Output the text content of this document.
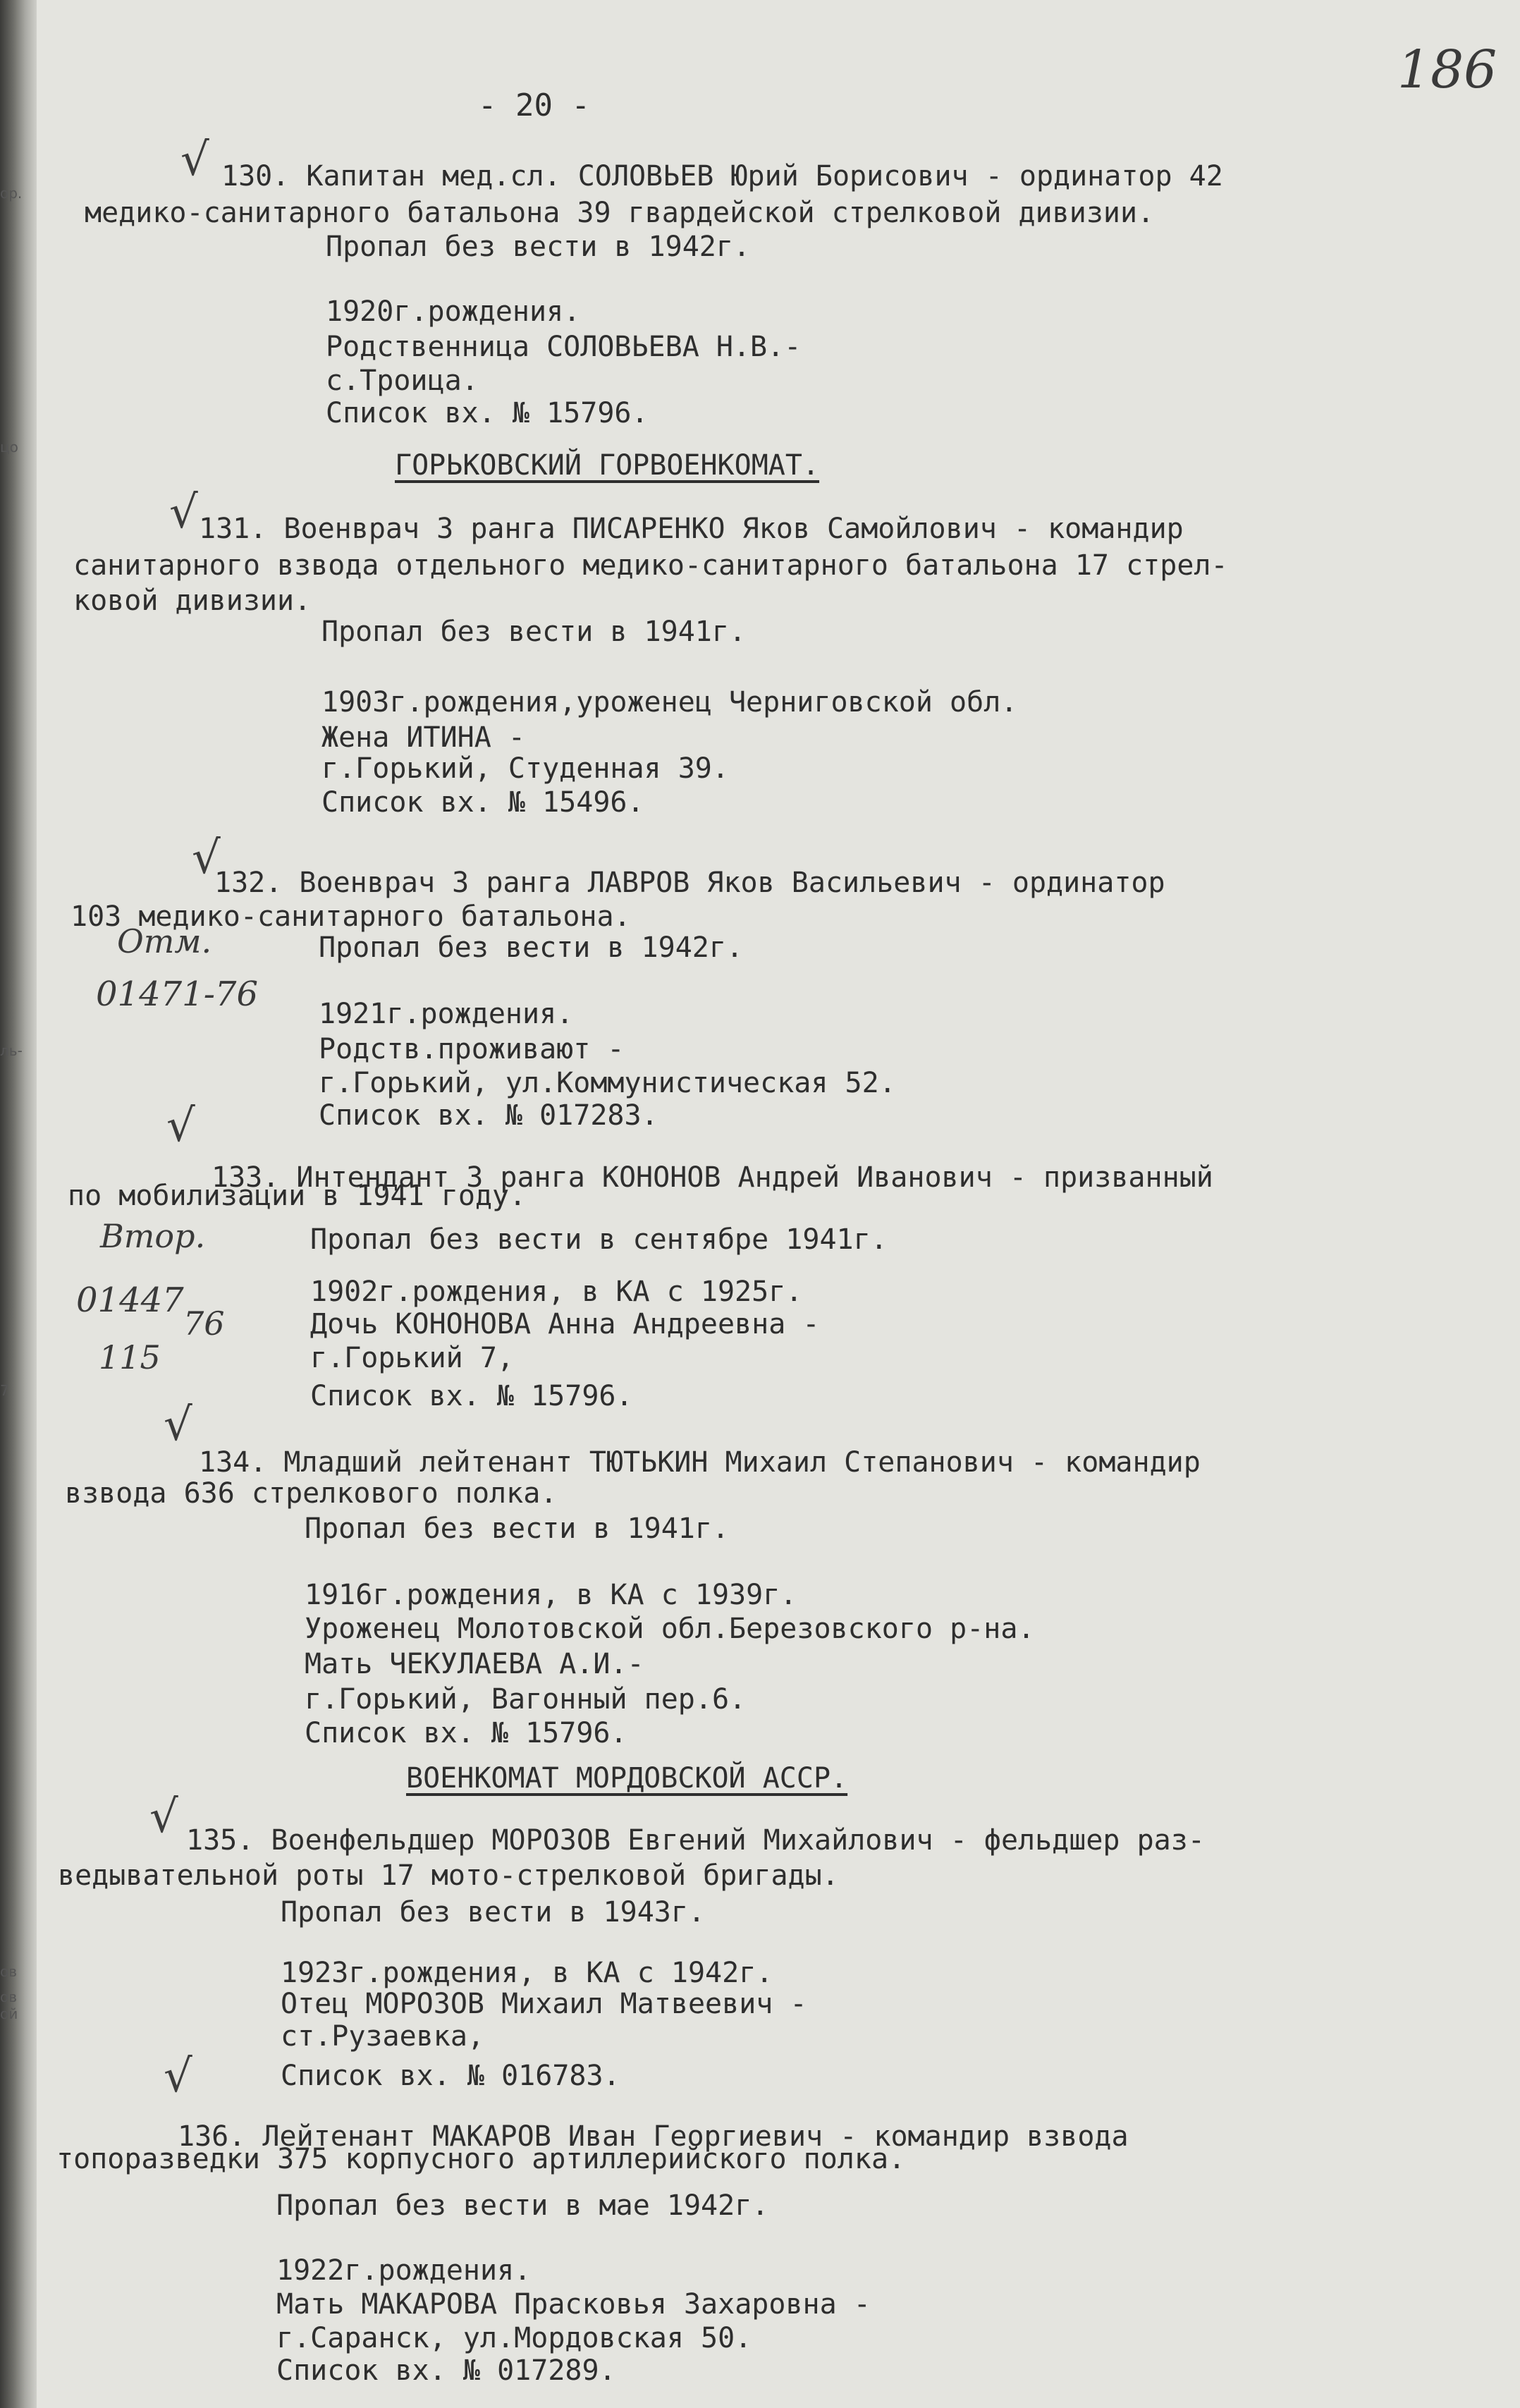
ор.
цо
ль-
7
ов
ов
ой
- 20 -
186
√ 130. Капитан мед.сл. СОЛОВЬЕВ Юрий Борисович - ординатор 42
медико-санитарного батальона 39 гвардейской стрелковой дивизии.
Пропал без вести в 1942г.
1920г.рождения.
Родственница СОЛОВЬЕВА Н.В.-
с.Троица.
Список вх. № 15796.
ГОРЬКОВСКИЙ ГОРВОЕНКОМАТ.
√ 131. Военврач 3 ранга ПИСАРЕНКО Яков Самойлович - командир
санитарного взвода отдельного медико-санитарного батальона 17 стрел-
ковой дивизии.
Пропал без вести в 1941г.
1903г.рождения,уроженец Черниговской обл.
Жена ИТИНА -
г.Горький, Студенная 39.
Список вх. № 15496.
√
132. Военврач 3 ранга ЛАВРОВ Яков Васильевич - ординатор
103 медико-санитарного батальона.
Пропал без вести в 1942г.
1921г.рождения.
Родств.проживают -
г.Горький, ул.Коммунистическая 52.
Список вх. № 017283.
Отм.
01471-76
√
133. Интендант 3 ранга КОНОНОВ Андрей Иванович - призванный
по мобилизации в 1941 году.
Пропал без вести в сентябре 1941г.
1902г.рождения, в КА с 1925г.
Дочь КОНОНОВА Анна Андреевна -
г.Горький 7,
Список вх. № 15796.
Втор.
01447
115
76
√
134. Младший лейтенант ТЮТЬКИН Михаил Степанович - командир
взвода 636 стрелкового полка.
Пропал без вести в 1941г.
1916г.рождения, в КА с 1939г.
Уроженец Молотовской обл.Березовского р-на.
Мать ЧЕКУЛАЕВА А.И.-
г.Горький, Вагонный пер.6.
Список вх. № 15796.
ВОЕНКОМАТ МОРДОВСКОЙ АССР.
√ 135. Военфельдшер МОРОЗОВ Евгений Михайлович - фельдшер раз-
ведывательной роты 17 мото-стрелковой бригады.
Пропал без вести в 1943г.
1923г.рождения, в КА с 1942г.
Отец МОРОЗОВ Михаил Матвеевич -
ст.Рузаевка,
Список вх. № 016783.
√
136. Лейтенант МАКАРОВ Иван Георгиевич - командир взвода
топоразведки 375 корпусного артиллерийского полка.
Пропал без вести в мае 1942г.
1922г.рождения.
Мать МАКАРОВА Прасковья Захаровна -
г.Саранск, ул.Мордовская 50.
Список вх. № 017289.
